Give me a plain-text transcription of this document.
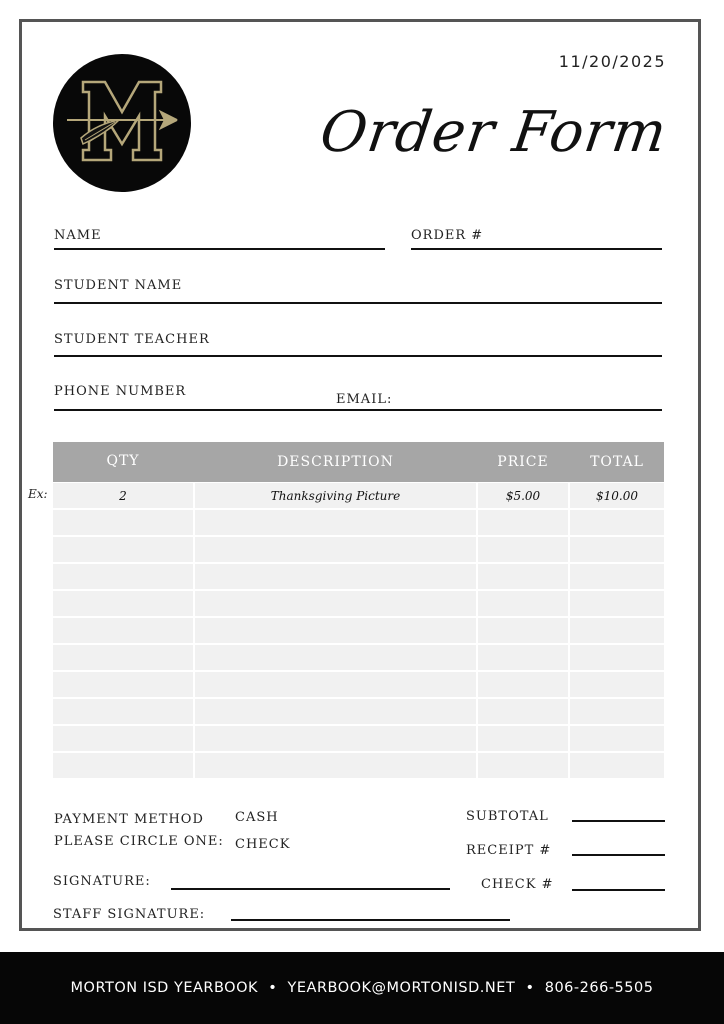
11/20/2025
Order Form
NAME	ORDER #
STUDENT NAME
STUDENT TEACHER
PHONE NUMBER
EMAIL:
QTY	DESCRIPTION	PRICE	TOTAL
Ex:	2	Thanksgiving Picture	$5.00	$10.00
PAYMENT METHOD
PLEASE CIRCLE ONE:
CASH
CHECK
SUBTOTAL
RECEIPT #
SIGNATURE:	CHECK #
STAFF SIGNATURE:
MORTON ISD YEARBOOK • YEARBOOK@MORTONISD.NET • 806-266-5505
